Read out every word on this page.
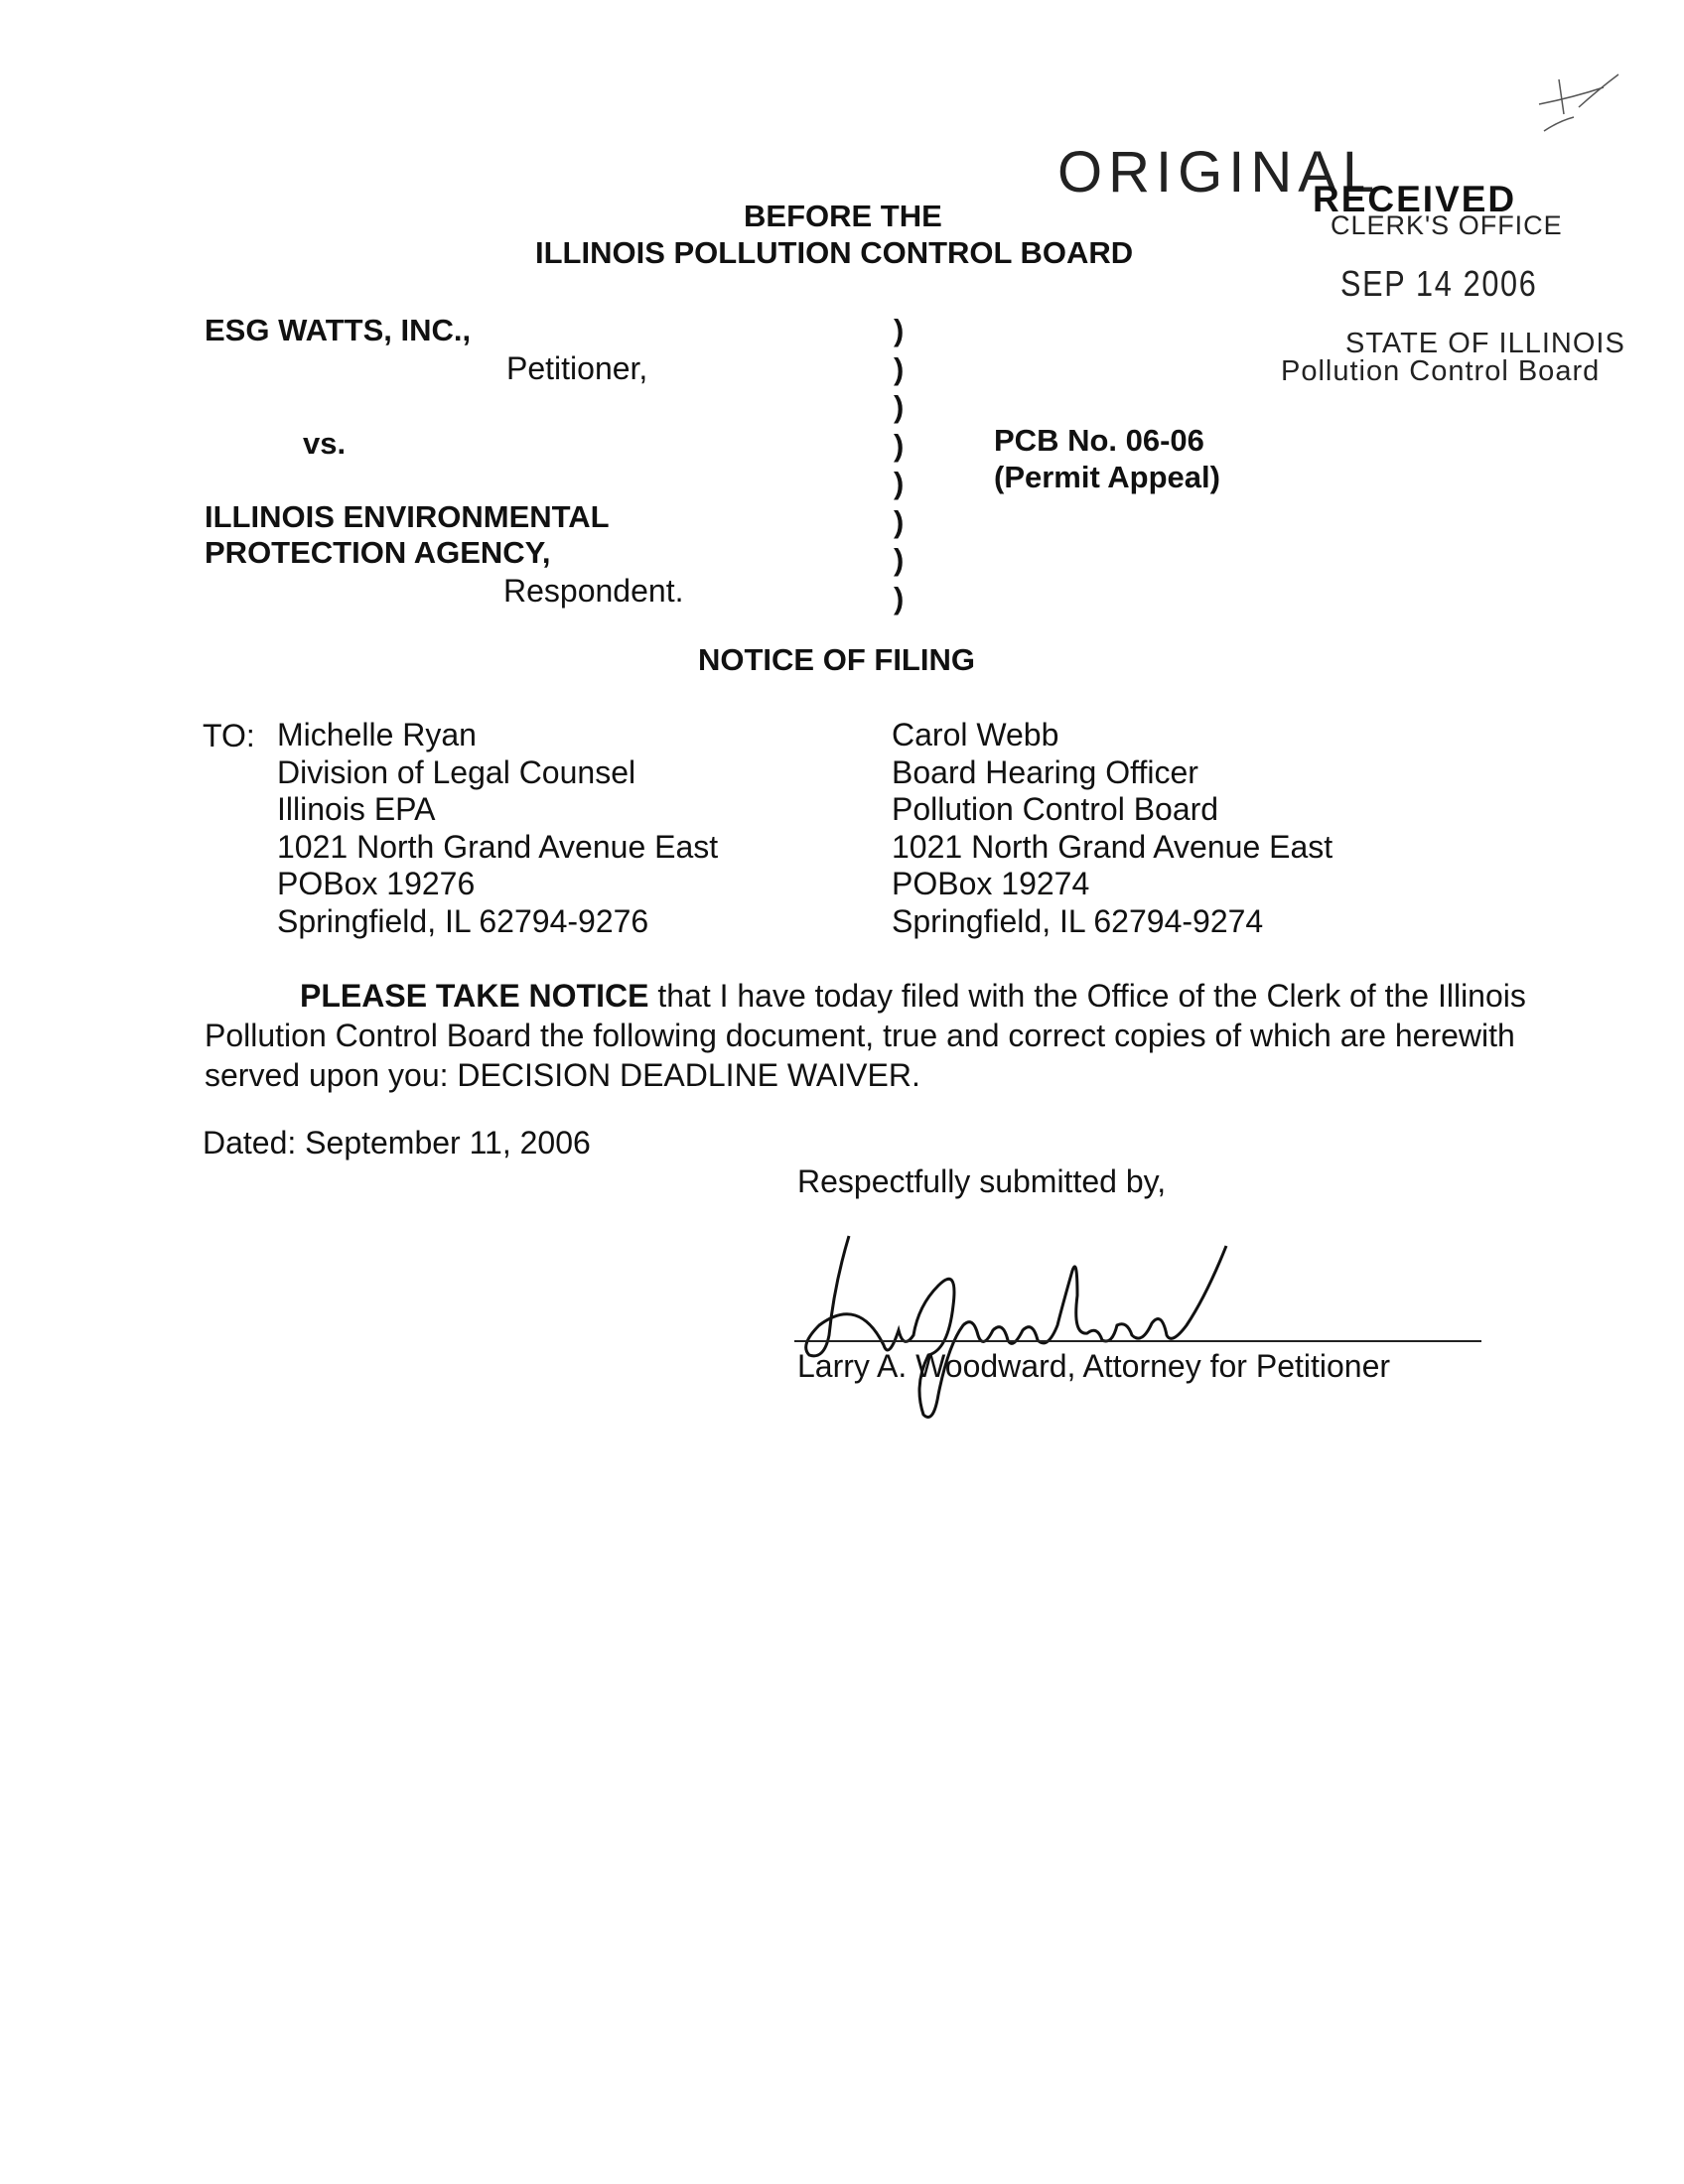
ORIGINAL
RECEIVED
CLERK'S OFFICE
SEP 14 2006
STATE OF ILLINOIS
Pollution Control Board
BEFORE THE
ILLINOIS POLLUTION CONTROL BOARD
ESG WATTS, INC.,
Petitioner,
vs.
ILLINOIS ENVIRONMENTAL
PROTECTION AGENCY,
Respondent.
)
)
)
)
)
)
)
)
PCB No. 06-06
(Permit Appeal)
NOTICE OF FILING
TO: Michelle Ryan
Division of Legal Counsel
Illinois EPA
1021 North Grand Avenue East
POBox 19276
Springfield, IL 62794-9276
Carol Webb
Board Hearing Officer
Pollution Control Board
1021 North Grand Avenue East
POBox 19274
Springfield, IL 62794-9274
PLEASE TAKE NOTICE that I have today filed with the Office of the Clerk of the Illinois Pollution Control Board the following document, true and correct copies of which are herewith served upon you: DECISION DEADLINE WAIVER.
Dated: September 11, 2006
Respectfully submitted by,
Larry A. Woodward, Attorney for Petitioner
